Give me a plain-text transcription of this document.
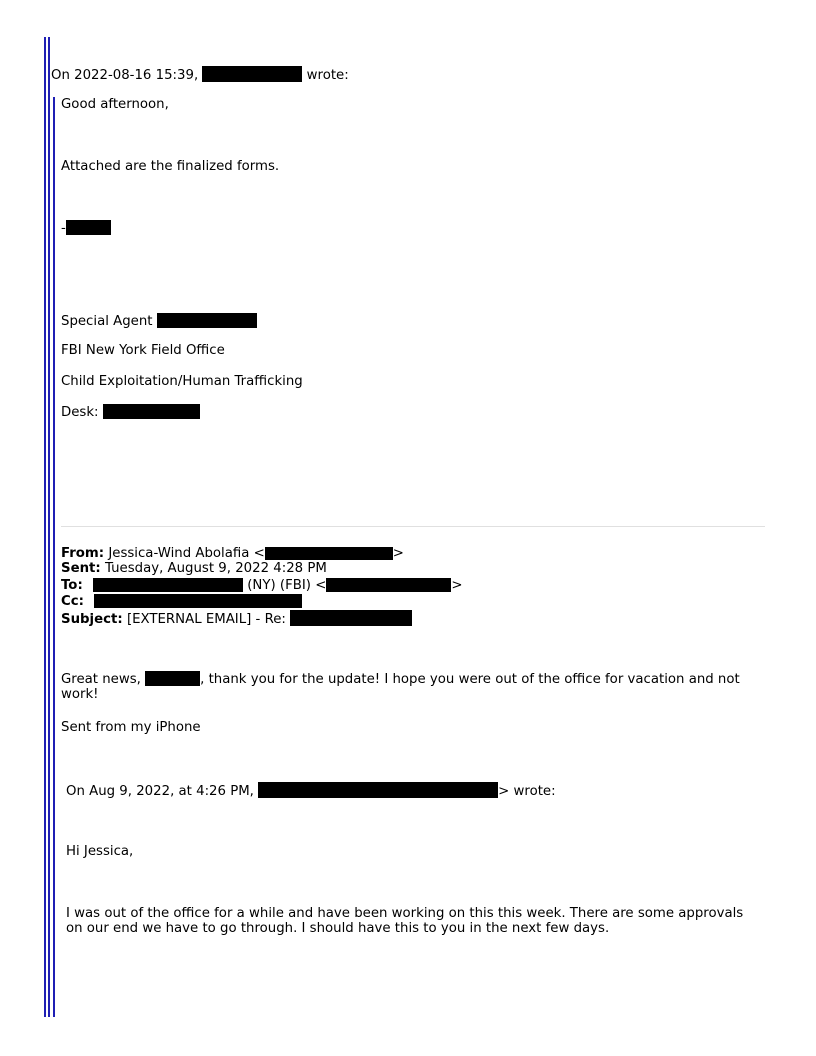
On 2022-08-16 15:39,	wrote:
Good afternoon,
Attached are the finalized forms.
-
Special Agent
FBI New York Field Office
Child Exploitation/Human Trafficking
Desk:
From: Jessica-Wind Abolafia <	>
Sent: Tuesday, August 9, 2022 4:28 PM
To:	(NY) (FBI) <	>
Cc:
Subject: [EXTERNAL EMAIL] - Re:
Great news,	, thank you for the update! I hope you were out of the office for vacation and not work!
Sent from my iPhone
On Aug 9, 2022, at 4:26 PM,	> wrote:
Hi Jessica,
I was out of the office for a while and have been working on this this week. There are some approvals on our end we have to go through. I should have this to you in the next few days.
